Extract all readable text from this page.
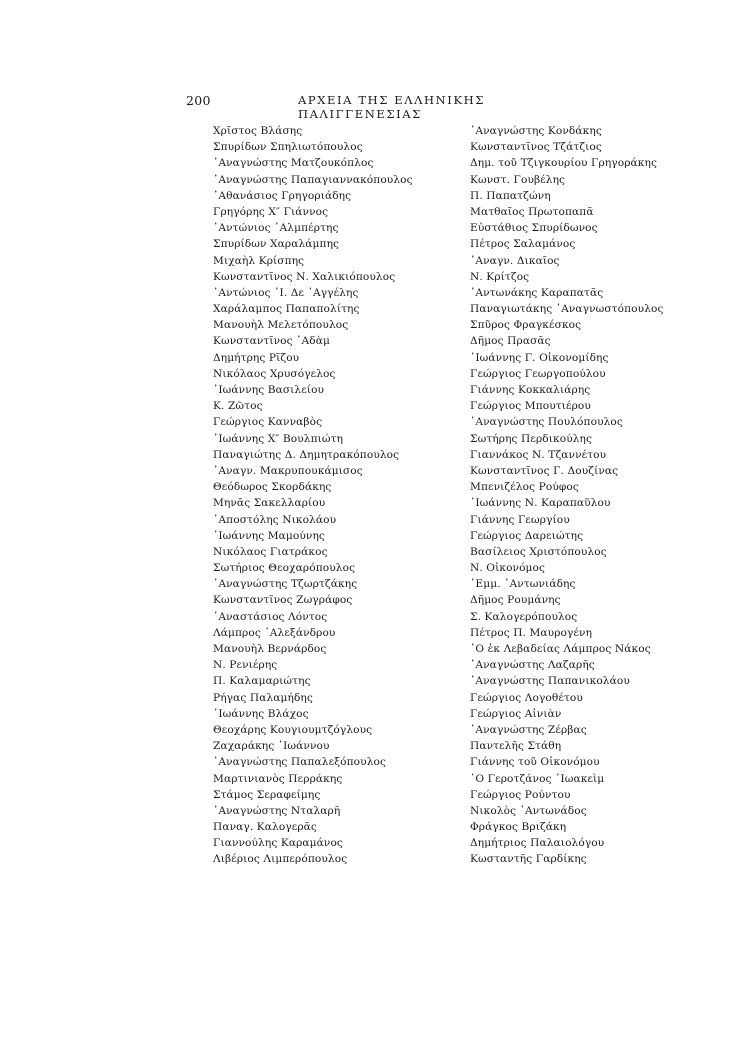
200	ΑΡΧΕΙΑ ΤΗΣ ΕΛΛΗΝΙΚΗΣ ΠΑΛΙΓΓΕΝΕΣΙΑΣ
Χρῖστος Βλάσης
Σπυρίδων Σπηλιωτόπουλος
᾿Αναγνώστης Ματζουκόπλος
᾿Αναγνώστης Παπαγιαννακόπουλος
᾿Αθανάσιος Γρηγοριάδης
Γρηγόρης Χ″ Γιάννος
᾿Αντώνιος ᾿Αλμπέρτης
Σπυρίδων Χαραλάμπης
Μιχαὴλ Κρίσπης
Κωνσταντῖνος Ν. Χαλικιόπουλος
᾿Αντώνιος ᾿Ι. Δε ᾿Αγγέλης
Χαράλαμπος Παπαπολίτης
Μανουὴλ Μελετόπουλος
Κωνσταντῖνος ᾿Αδὰμ
Δημήτρης Ρῖζου
Νικόλαος Χρυσόγελος
᾿Ιωάννης Βασιλείου
Κ. Ζῶτος
Γεώργιος Κανναβὸς
᾿Ιωάννης Χ″ Βουλπιώτη
Παναγιώτης Δ. Δημητρακόπουλος
᾿Αναγν. Μακρυπουκάμισος
Θεόδωρος Σκορδάκης
Μηνᾶς Σακελλαρίου
᾿Αποστόλης Νικολάου
᾿Ιωάννης Μαμούνης
Νικόλαος Γιατράκος
Σωτήριος Θεοχαρόπουλος
᾿Αναγνώστης Τζωρτζάκης
Κωνσταντῖνος Ζωγράφος
᾿Αναστάσιος Λόντος
Λάμπρος ᾿Αλεξάνδρου
Μανουὴλ Βερνάρδος
Ν. Ρενιέρης
Π. Καλαμαριώτης
Ρήγας Παλαμήδης
᾿Ιωάννης Βλάχος
Θεοχάρης Κουγιουμτζόγλους
Ζαχαράκης ᾿Ιωάννου
᾿Αναγνώστης Παπαλεξόπουλος
Μαρτινιανὸς Περράκης
Στάμος Σεραφείμης
᾿Αναγνώστης Νταλαρῆ
Παναγ. Καλογερᾶς
Γιαννούλης Καραμάνος
Λιβέριος Λιμπερόπουλος
᾿Αναγνώστης Κονδάκης
Κωνσταντῖνος Τζάτζιος
Δημ. τοῦ Τζιγκουρίου Γρηγοράκης
Κωνστ. Γουβέλης
Π. Παπατζώνη
Ματθαῖος Πρωτοπαπᾶ
Εὐστάθιος Σπυρίδωνος
Πέτρος Σαλαμάνος
᾿Αναγν. Δικαῖος
Ν. Κρίτζος
᾿Αντωνάκης Καραπατᾶς
Παναγιωτάκης ᾿Αναγνωστόπουλος
Σπῦρος Φραγκέσκος
Δῆμος Πρασᾶς
᾿Ιωάννης Γ. Οἰκονομίδης
Γεώργιος Γεωργοπούλου
Γιάννης Κοκκαλιάρης
Γεώργιος Μπουτιέρου
᾿Αναγνώστης Πουλόπουλος
Σωτήρης Περδικούλης
Γιαννάκος Ν. Τζαννέτου
Κωνσταντῖνος Γ. Δουζίνας
Μπενιζέλος Ρούφος
᾿Ιωάννης Ν. Καραπαῦλου
Γιάννης Γεωργίου
Γεώργιος Δαρειώτης
Βασίλειος Χριστόπουλος
Ν. Οἰκονόμος
᾿Εμμ. ᾿Αντωνιάδης
Δῆμος Ρουμάνης
Σ. Καλογερόπουλος
Πέτρος Π. Μαυρογένη
῾Ο ἐκ Λεβαδείας Λάμπρος Νάκος
᾿Αναγνώστης Λαζαρῆς
᾿Αναγνώστης Παπανικολάου
Γεώργιος Λογοθέτου
Γεώργιος Αἰνιὰν
᾿Αναγνώστης Ζέρβας
Παντελῆς Στάθη
Γιάννης τοῦ Οἰκονόμου
῾Ο Γεροτζάνος ᾿Ιωακεὶμ
Γεώργιος Ρούντου
Νικολὸς ᾿Αντωνάδος
Φράγκος Βριζάκη
Δημήτριος Παλαιολόγου
Κωσταντῆς Γαρδίκης
